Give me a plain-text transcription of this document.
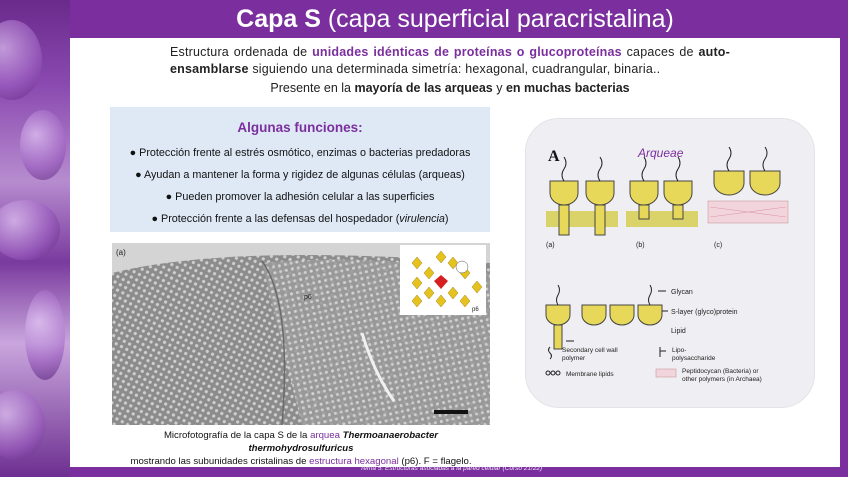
Capa S (capa superficial paracristalina)
Estructura ordenada de unidades idénticas de proteínas o glucoproteínas capaces de auto-ensamblarse siguiendo una determinada simetría: hexagonal, cuadrangular, binaria..
Presente en la mayoría de las arqueas y en muchas bacterias
Algunas funciones:
● Protección frente al estrés osmótico, enzimas o bacterias predadoras
● Ayudan a mantener la forma y rigidez de algunas células (arqueas)
● Pueden promover la adhesión celular a las superficies
● Protección frente a las defensas del hospedador (virulencia)
(a)
p6
p6
Microfotografía de la capa S de la arquea Thermoanaerobacter thermohydrosulfuricus
mostrando las subunidades cristalinas de estructura hexagonal (p6). F = flagelo.
A	Arqueae
(a)	(b)	(c)
Glycan
S-layer (glyco)protein
Lipid
Secondary cell wall
polymer
Lipo-
polysaccharide
Membrane lipids	Peptidocycan (Bacteria) or
other polymers (in Archaea)
Tema 5: Estructuras asociadas a la pared celular (Curso 21/22)
